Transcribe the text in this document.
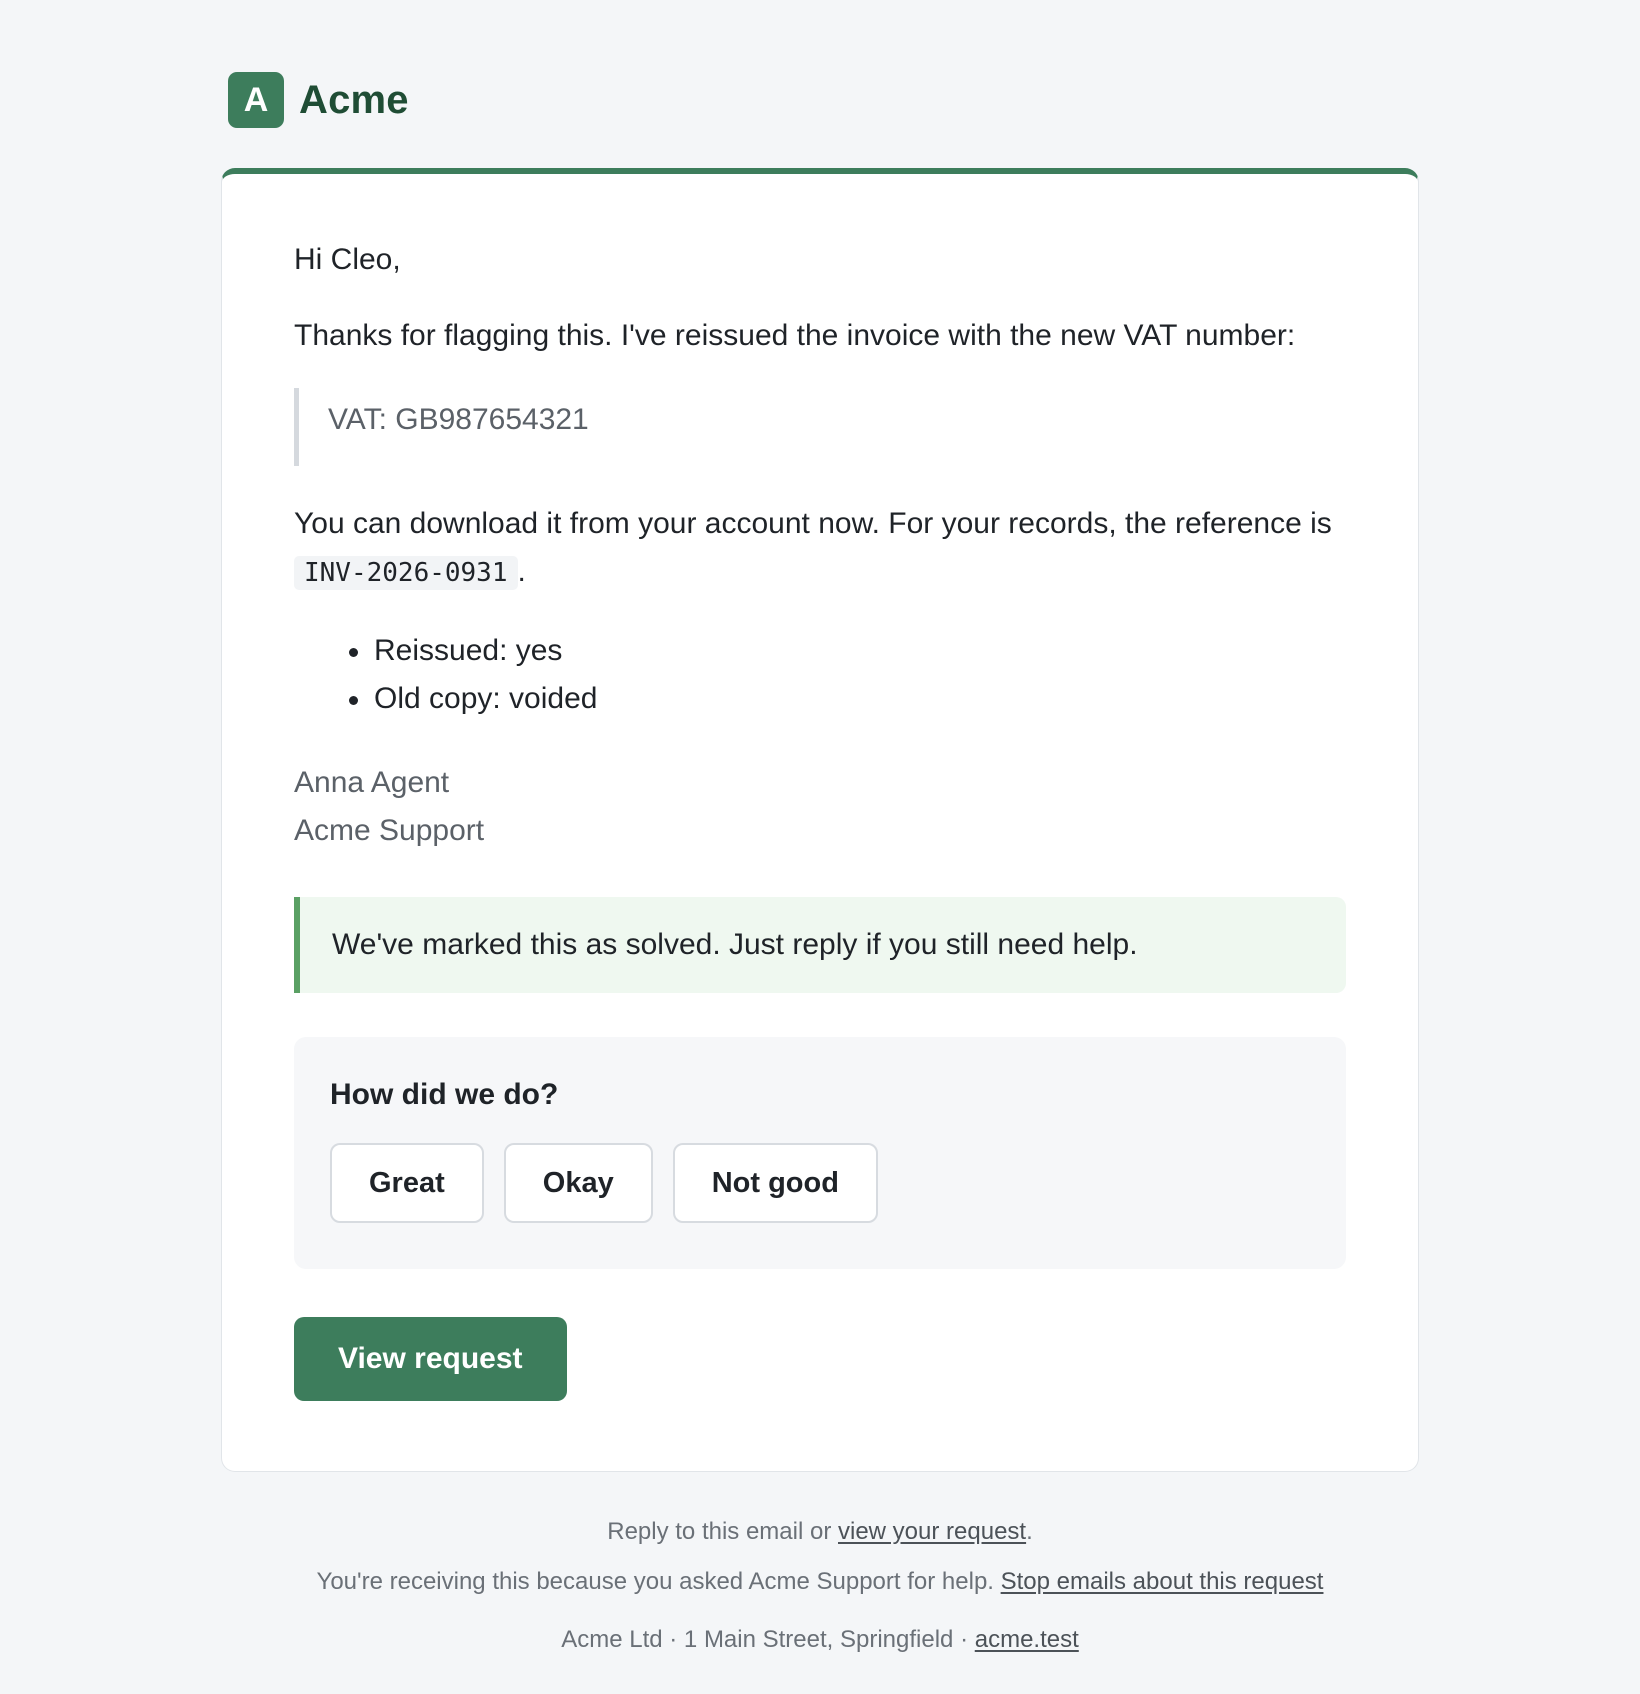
A Acme

Hi Cleo,

Thanks for flagging this. I've reissued the invoice with the new VAT number:

VAT: GB987654321

You can download it from your account now. For your records, the reference is
INV-2026-0931 .

Reissued: yes
Old copy: voided
Anna Agent
Acme Support
We've marked this as solved. Just reply if you still need help.
How did we do?
Great	Okay	Not good
View request
Reply to this email or view your request.
You're receiving this because you asked Acme Support for help. Stop emails about this request
Acme Ltd · 1 Main Street, Springfield · acme.test
